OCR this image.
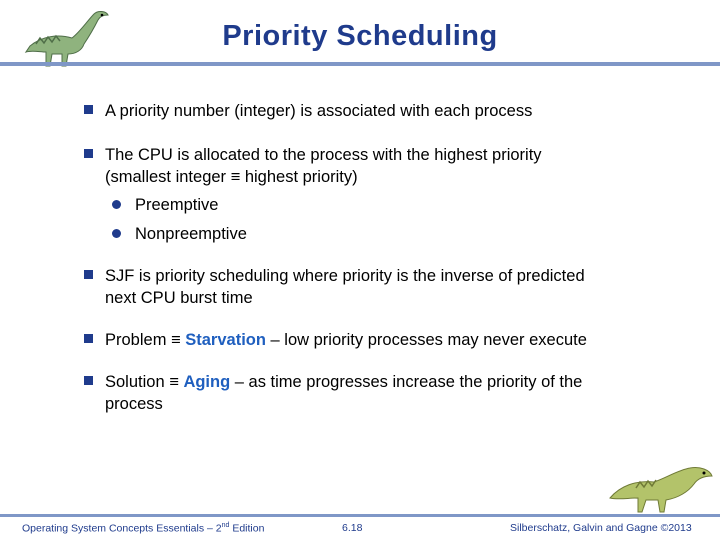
Priority Scheduling
A priority number (integer) is associated with each process
The CPU is allocated to the process with the highest priority
(smallest integer ≡ highest priority)
Preemptive
Nonpreemptive
SJF is priority scheduling where priority is the inverse of predicted
next CPU burst time
Problem ≡ Starvation – low priority processes may never execute
Solution ≡ Aging – as time progresses increase the priority of the
process
Operating System Concepts Essentials – 2nd Edition	6.18	Silberschatz, Galvin and Gagne ©2013
